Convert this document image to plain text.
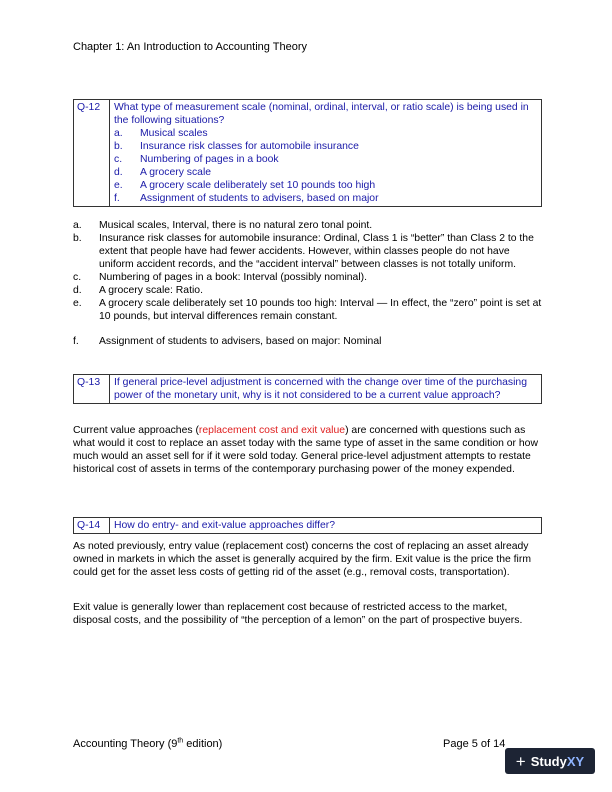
Chapter 1: An Introduction to Accounting Theory
Q-12	What type of measurement scale (nominal, ordinal, interval, or ratio scale) is being used in the following situations?
a.	Musical scales
b.	Insurance risk classes for automobile insurance
c.	Numbering of pages in a book
d.	A grocery scale
e.	A grocery scale deliberately set 10 pounds too high
f.	Assignment of students to advisers, based on major
a.	Musical scales, Interval, there is no natural zero tonal point.
b.	Insurance risk classes for automobile insurance: Ordinal, Class 1 is “better” than Class 2 to the extent that people have had fewer accidents. However, within classes people do not have uniform accident records, and the “accident interval” between classes is not totally uniform.
c.	Numbering of pages in a book: Interval (possibly nominal).
d.	A grocery scale: Ratio.
e.	A grocery scale deliberately set 10 pounds too high: Interval — In effect, the “zero” point is set at 10 pounds, but interval differences remain constant.
f.	Assignment of students to advisers, based on major: Nominal
Q-13	If general price-level adjustment is concerned with the change over time of the purchasing power of the monetary unit, why is it not considered to be a current value approach?
Current value approaches (replacement cost and exit value) are concerned with questions such as what would it cost to replace an asset today with the same type of asset in the same condition or how much would an asset sell for if it were sold today. General price-level adjustment attempts to restate historical cost of assets in terms of the contemporary purchasing power of the money expended.
Q-14	How do entry- and exit-value approaches differ?
As noted previously, entry value (replacement cost) concerns the cost of replacing an asset already owned in markets in which the asset is generally acquired by the firm. Exit value is the price the firm could get for the asset less costs of getting rid of the asset (e.g., removal costs, transportation).
Exit value is generally lower than replacement cost because of restricted access to the market, disposal costs, and the possibility of “the perception of a lemon” on the part of prospective buyers.
Accounting Theory (9th edition)	Page 5 of 14
+ Study XY
